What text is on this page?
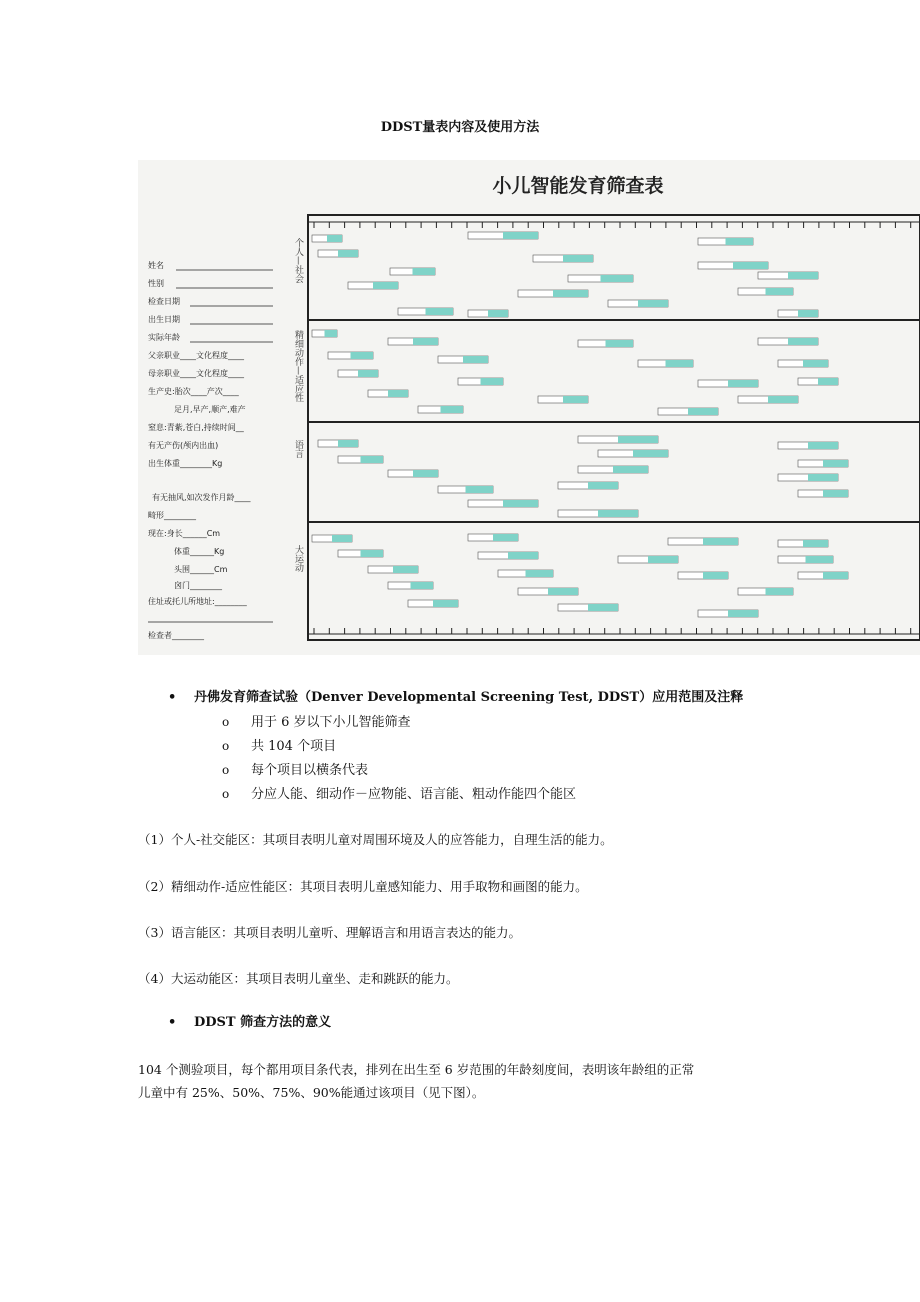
DDST量表内容及使用方法
小儿智能发育筛查表
个人—社会
精细动作—适应性
语言
大运动
姓名
性别
检查日期
出生日期
实际年龄
父亲职业____文化程度____
母亲职业____文化程度____
生产史:胎次____产次____
足月,早产,顺产,难产
窒息:青紫,苍白,持续时间__
有无产伤(颅内出血)
出生体重________Kg
有无抽风,如次发作月龄____
畸形________
现在:身长______Cm
体重______Kg
头围______Cm
囟门________
住址或托儿所地址:________
检查者________
• 丹佛发育筛查试验（Denver Developmental Screening Test, DDST）应用范围及注释
o 用于 6 岁以下小儿智能筛查
o 共 104 个项目
o 每个项目以横条代表
o 分应人能、细动作－应物能、语言能、粗动作能四个能区
（1）个人-社交能区：其项目表明儿童对周围环境及人的应答能力，自理生活的能力。
（2）精细动作-适应性能区：其项目表明儿童感知能力、用手取物和画图的能力。
（3）语言能区：其项目表明儿童听、理解语言和用语言表达的能力。
（4）大运动能区：其项目表明儿童坐、走和跳跃的能力。
• DDST 筛查方法的意义
104 个测验项目，每个都用项目条代表，排列在出生至 6 岁范围的年龄刻度间，表明该年龄组的正常
儿童中有 25%、50%、75%、90%能通过该项目（见下图）。
